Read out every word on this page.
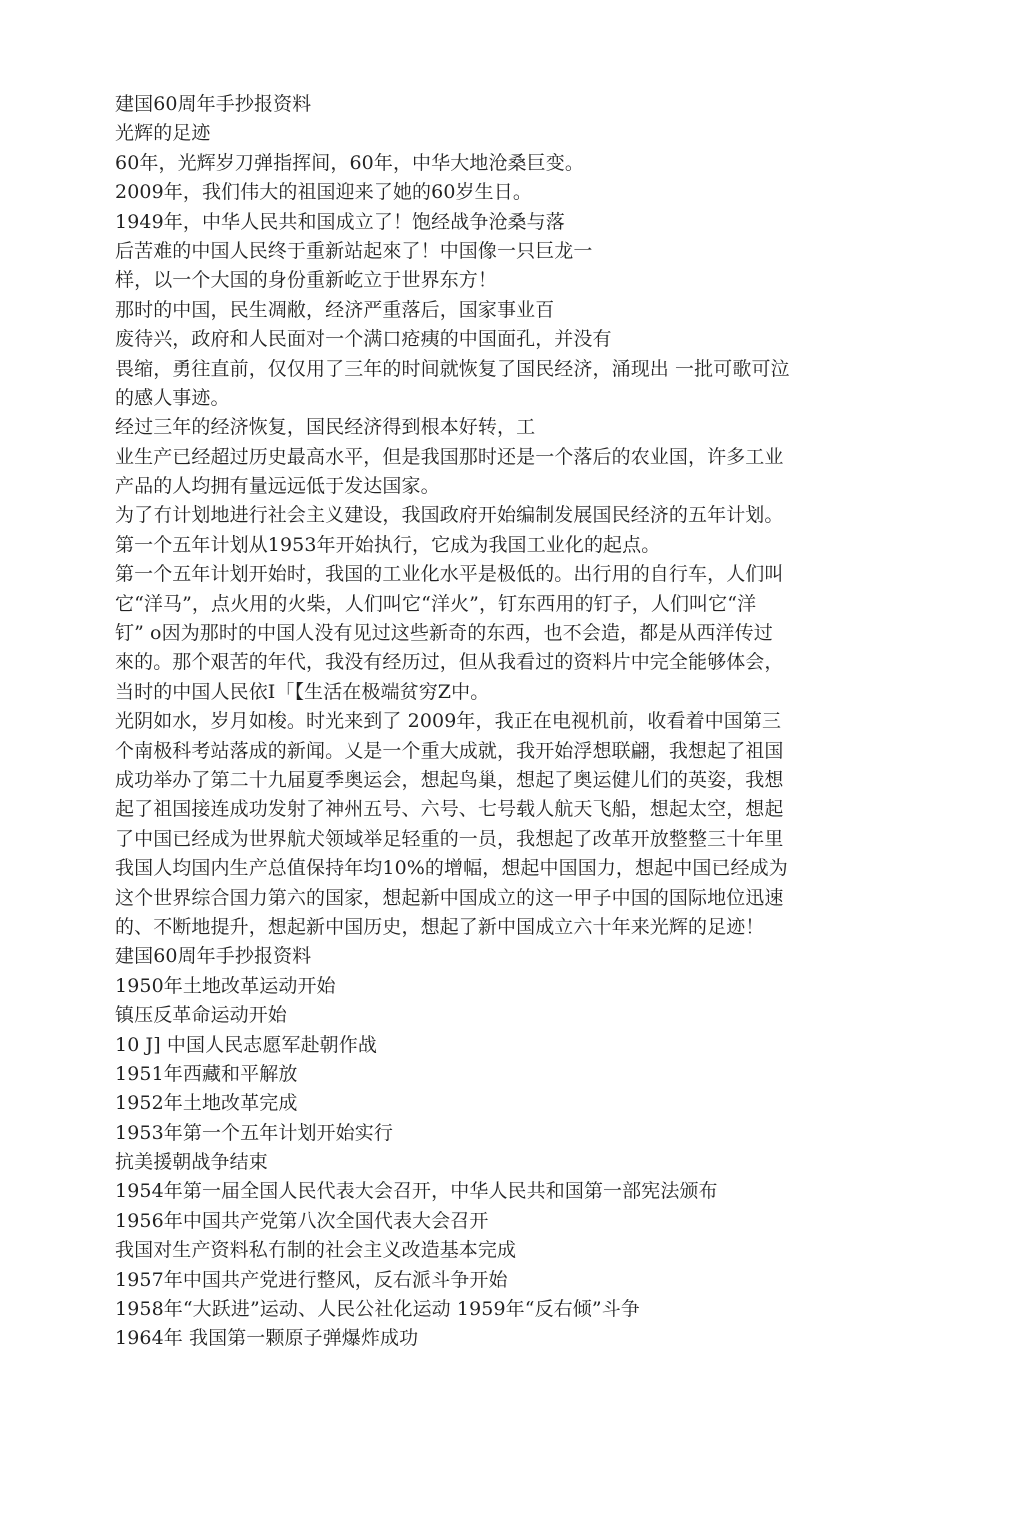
建国60周年手抄报资料
光辉的足迹
60年，光辉岁刀弹指挥间，60年，中华大地沧桑巨变。
2009年，我们伟大的祖国迎来了她的60岁生日。
1949年，中华人民共和国成立了！饱经战争沧桑与落
后苦难的中国人民终于重新站起來了！中国像一只巨龙一
样，以一个大国的身份重新屹立于世界东方！
那时的中国，民生凋敝，经济严重落后，国家事业百
废待兴，政府和人民面对一个满口疮痍的中国面孔，并没有
畏缩，勇往直前，仅仅用了三年的时间就恢复了国民经济，涌现出 一批可歌可泣
的感人事迹。
经过三年的经济恢复，国民经济得到根本好转，工
业生产已经超过历史最高水平，但是我国那时还是一个落后的农业国，许多工业
产品的人均拥有量远远低于发达国家。
为了冇计划地进行社会主义建设，我国政府开始编制发展国民经济的五年计划。
第一个五年计划从1953年开始执行，它成为我国工业化的起点。
第一个五年计划开始时，我国的工业化水平是极低的。出行用的自行车，人们叫
它“洋马”，点火用的火柴，人们叫它“洋火”，钉东西用的钉子，人们叫它“洋
钉” o因为那时的中国人没有见过这些新奇的东西，也不会造，都是从西洋传过
來的。那个艰苦的年代，我没有经历过，但从我看过的资料片中完全能够体会，
当时的中国人民依I「【生活在极端贫穷Z中。
光阴如水，岁月如梭。时光来到了 2009年，我正在电视机前，收看着中国第三
个南极科考站落成的新闻。乂是一个重大成就，我开始浮想联翩，我想起了祖国
成功举办了第二十九届夏季奥运会，想起鸟巢，想起了奥运健儿们的英姿，我想
起了祖国接连成功发射了神州五号、六号、七号载人航天飞船，想起太空，想起
了中国已经成为世界航犬领域举足轻重的一员，我想起了改革开放整整三十年里
我国人均国内生产总值保持年均10%的增幅，想起中国国力，想起中国已经成为
这个世界综合国力第六的国家，想起新中国成立的这一甲子中国的国际地位迅速
的、不断地提升，想起新中国历史，想起了新中国成立六十年来光辉的足迹！
建国60周年手抄报资料
1950年土地改革运动开始
镇压反革命运动开始
10 J] 中国人民志愿军赴朝作战
1951年西藏和平解放
1952年土地改革完成
1953年第一个五年计划开始实行
抗美援朝战争结束
1954年第一届全国人民代表大会召开，中华人民共和国第一部宪法颁布
1956年中国共产党第八次全国代表大会召开
我国对生产资料私冇制的社会主义改造基本完成
1957年中国共产党进行整风，反右派斗争开始
1958年“大跃进”运动、人民公社化运动 1959年“反右倾”斗争
1964年 我国第一颗原子弹爆炸成功
